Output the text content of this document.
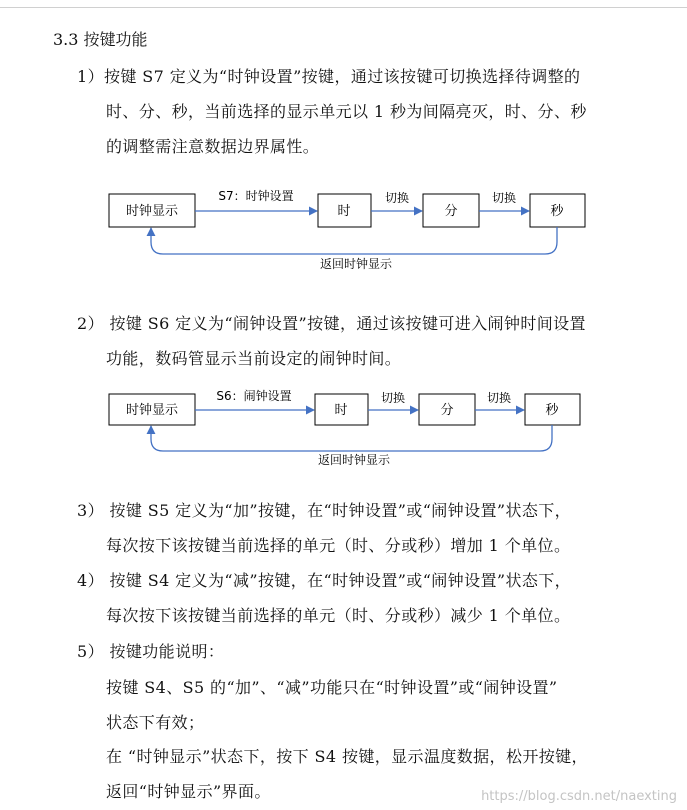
3.3 按键功能
1）按键 S7 定义为“时钟设置”按键，通过该按键可切换选择待调整的
时、分、秒，当前选择的显示单元以 1 秒为间隔亮灭，时、分、秒
的调整需注意数据边界属性。
时钟显示	时	分	秒
S7：时钟设置	切换	切换
返回时钟显示
2） 按键 S6 定义为“闹钟设置”按键，通过该按键可进入闹钟时间设置
功能，数码管显示当前设定的闹钟时间。
时钟显示	时	分	秒
S6：闹钟设置	切换	切换
返回时钟显示
3） 按键 S5 定义为“加”按键，在“时钟设置”或“闹钟设置”状态下，
每次按下该按键当前选择的单元（时、分或秒）增加 1 个单位。
4） 按键 S4 定义为“减”按键，在“时钟设置”或“闹钟设置”状态下，
每次按下该按键当前选择的单元（时、分或秒）减少 1 个单位。
5） 按键功能说明：
按键 S4、S5 的“加”、“减”功能只在“时钟设置”或“闹钟设置”
状态下有效；
在 “时钟显示”状态下，按下 S4 按键，显示温度数据，松开按键，
返回“时钟显示”界面。	https://blog.csdn.net/naexting
